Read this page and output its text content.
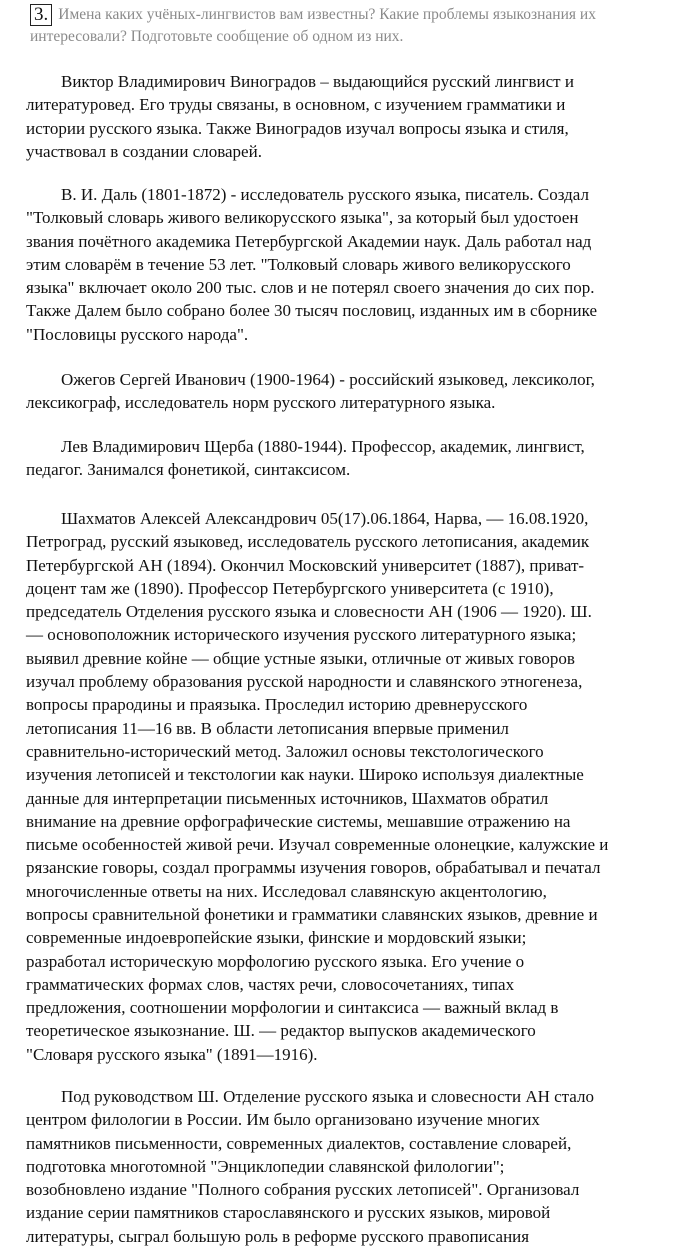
3. Имена каких учёных-лингвистов вам известны? Какие проблемы языкознания их
интересовали? Подготовьте сообщение об одном из них.

Виктор Владимирович Виноградов – выдающийся русский лингвист и
литературовед. Его труды связаны, в основном, с изучением грамматики и
истории русского языка. Также Виноградов изучал вопросы языка и стиля,
участвовал в создании словарей.

В. И. Даль (1801-1872) - исследователь русского языка, писатель. Создал
"Толковый словарь живого великорусского языка", за который был удостоен
звания почётного академика Петербургской Академии наук. Даль работал над
этим словарём в течение 53 лет. "Толковый словарь живого великорусского
языка" включает около 200 тыс. слов и не потерял своего значения до сих пор.
Также Далем было собрано более 30 тысяч пословиц, изданных им в сборнике
"Пословицы русского народа".

Ожегов Сергей Иванович (1900-1964) - российский языковед, лексиколог,
лексикограф, исследователь норм русского литературного языка.

Лев Владимирович Щерба (1880-1944). Профессор, академик, лингвист,
педагог. Занимался фонетикой, синтаксисом.

Шахматов Алексей Александрович 05(17).06.1864, Нарва, — 16.08.1920,
Петроград, русский языковед, исследователь русского летописания, академик
Петербургской АН (1894). Окончил Московский университет (1887), приват-
доцент там же (1890). Профессор Петербургского университета (с 1910),
председатель Отделения русского языка и словесности АН (1906 — 1920). Ш.
— основоположник исторического изучения русского литературного языка;
выявил древние койне — общие устные языки, отличные от живых говоров
изучал проблему образования русской народности и славянского этногенеза,
вопросы прародины и праязыка. Проследил историю древнерусского
летописания 11—16 вв. В области летописания впервые применил
сравнительно-исторический метод. Заложил основы текстологического
изучения летописей и текстологии как науки. Широко используя диалектные
данные для интерпретации письменных источников, Шахматов обратил
внимание на древние орфографические системы, мешавшие отражению на
письме особенностей живой речи. Изучал современные олонецкие, калужские и
рязанские говоры, создал программы изучения говоров, обрабатывал и печатал
многочисленные ответы на них. Исследовал славянскую акцентологию,

вопросы сравнительной фонетики и грамматики славянских языков, древние и
современные индоевропейские языки, финские и мордовский языки;
разработал историческую морфологию русского языка. Его учение о
грамматических формах слов, частях речи, словосочетаниях, типах
предложения, соотношении морфологии и синтаксиса — важный вклад в
теоретическое языкознание. Ш. — редактор выпусков академического
"Словаря русского языка" (1891—1916).

Под руководством Ш. Отделение русского языка и словесности АН стало
центром филологии в России. Им было организовано изучение многих
памятников письменности, современных диалектов, составление словарей,
подготовка многотомной "Энциклопедии славянской филологии";
возобновлено издание "Полного собрания русских летописей". Организовал
издание серии памятников старославянского и русских языков, мировой
литературы, сыграл большую роль в реформе русского правописания
